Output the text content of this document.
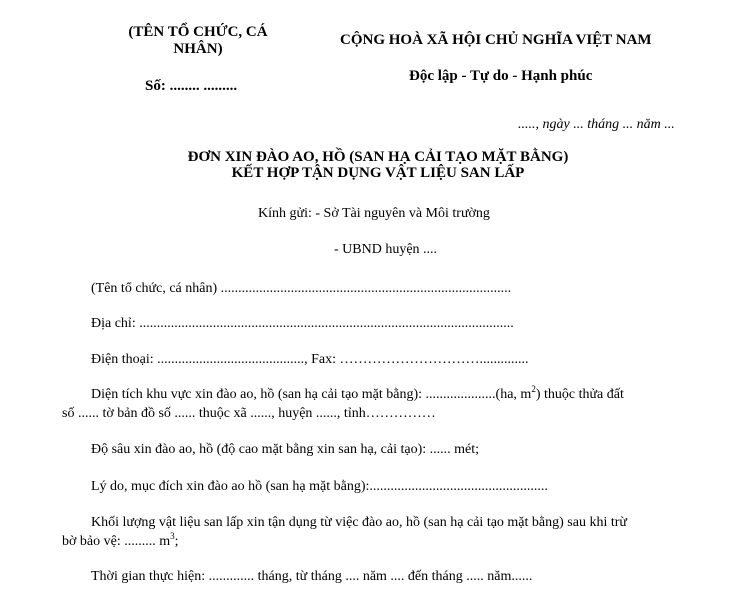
(TÊN TỔ CHỨC, CÁ NHÂN)
Số: ........ .........
CỘNG HOÀ XÃ HỘI CHỦ NGHĨA VIỆT NAM
Độc lập - Tự do - Hạnh phúc
....., ngày ... tháng ... năm ...
ĐƠN XIN ĐÀO AO, HỒ (SAN HẠ CẢI TẠO MẶT BẰNG)
KẾT HỢP TẬN DỤNG VẬT LIỆU SAN LẤP
Kính gửi: - Sở Tài nguyên và Môi trường
- UBND huyện ....
(Tên tổ chức, cá nhân) ...................................................................................
Địa chỉ: ...........................................................................................................
Điện thoại: .........................................., Fax: …………………………..............
Diện tích khu vực xin đào ao, hồ (san hạ cải tạo mặt bằng): ....................(ha, $m^2$) thuộc thửa đất
số ...... tờ bản đồ số ...... thuộc xã ......, huyện ......, tỉnh……………
Độ sâu xin đào ao, hồ (độ cao mặt bằng xin san hạ, cải tạo): ...... mét;
Lý do, mục đích xin đào ao hồ (san hạ mặt bằng):...................................................
Khối lượng vật liệu san lấp xin tận dụng từ việc đào ao, hồ (san hạ cải tạo mặt bằng) sau khi trừ
bờ bảo vệ: ......... $m^3$;
Thời gian thực hiện: ............. tháng, từ tháng .... năm .... đến tháng ..... năm......
